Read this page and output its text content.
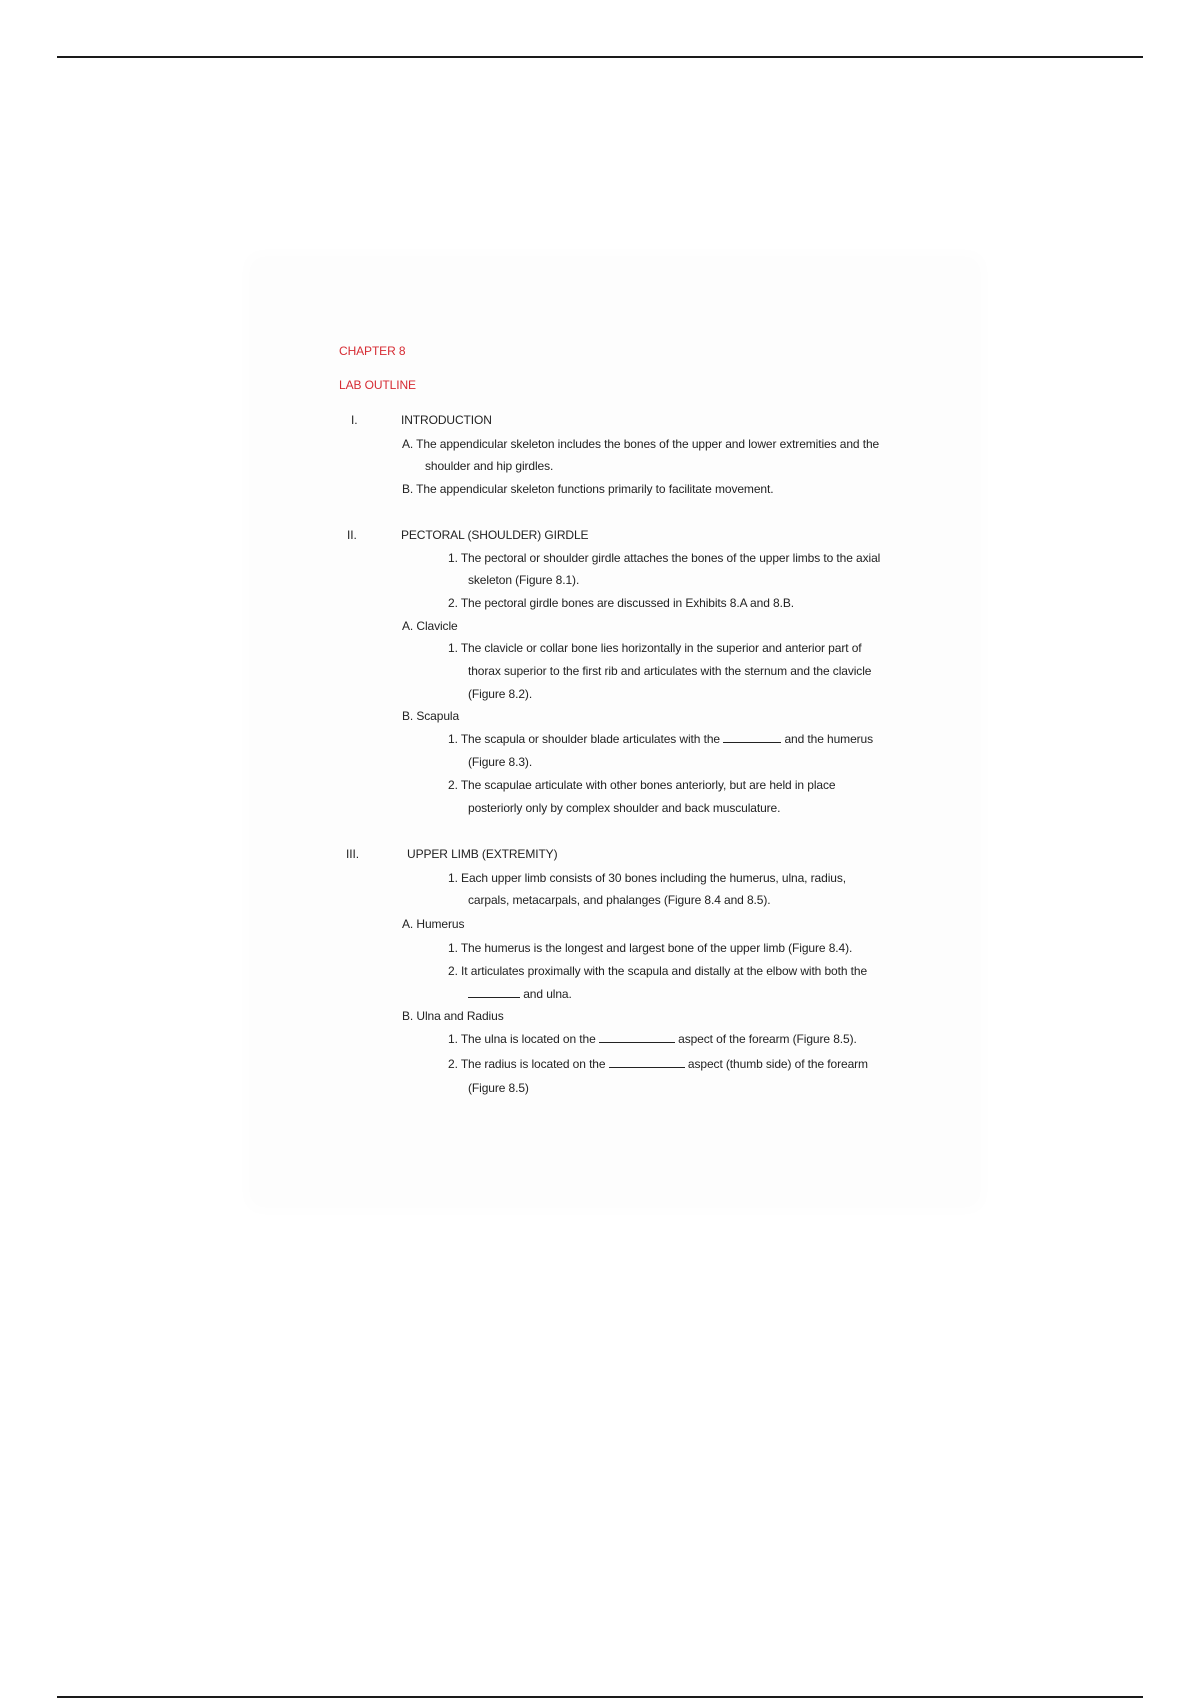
CHAPTER 8
LAB OUTLINE
I.	INTRODUCTION
A. The appendicular skeleton includes the bones of the upper and lower extremities and the
shoulder and hip girdles.
B. The appendicular skeleton functions primarily to facilitate movement.
II.	PECTORAL (SHOULDER) GIRDLE
1. The pectoral or shoulder girdle attaches the bones of the upper limbs to the axial
skeleton (Figure 8.1).
2. The pectoral girdle bones are discussed in Exhibits 8.A and 8.B.
A. Clavicle
1. The clavicle or collar bone lies horizontally in the superior and anterior part of
thorax superior to the first rib and articulates with the sternum and the clavicle
(Figure 8.2).
B. Scapula
1. The scapula or shoulder blade articulates with the	and the humerus
(Figure 8.3).
2. The scapulae articulate with other bones anteriorly, but are held in place
posteriorly only by complex shoulder and back musculature.
III.	UPPER LIMB (EXTREMITY)
1. Each upper limb consists of 30 bones including the humerus, ulna, radius,
carpals, metacarpals, and phalanges (Figure 8.4 and 8.5).
A. Humerus
1. The humerus is the longest and largest bone of the upper limb (Figure 8.4).
2. It articulates proximally with the scapula and distally at the elbow with both the
and ulna.
B. Ulna and Radius
1. The ulna is located on the	aspect of the forearm (Figure 8.5).
2. The radius is located on the	aspect (thumb side) of the forearm
(Figure 8.5)
